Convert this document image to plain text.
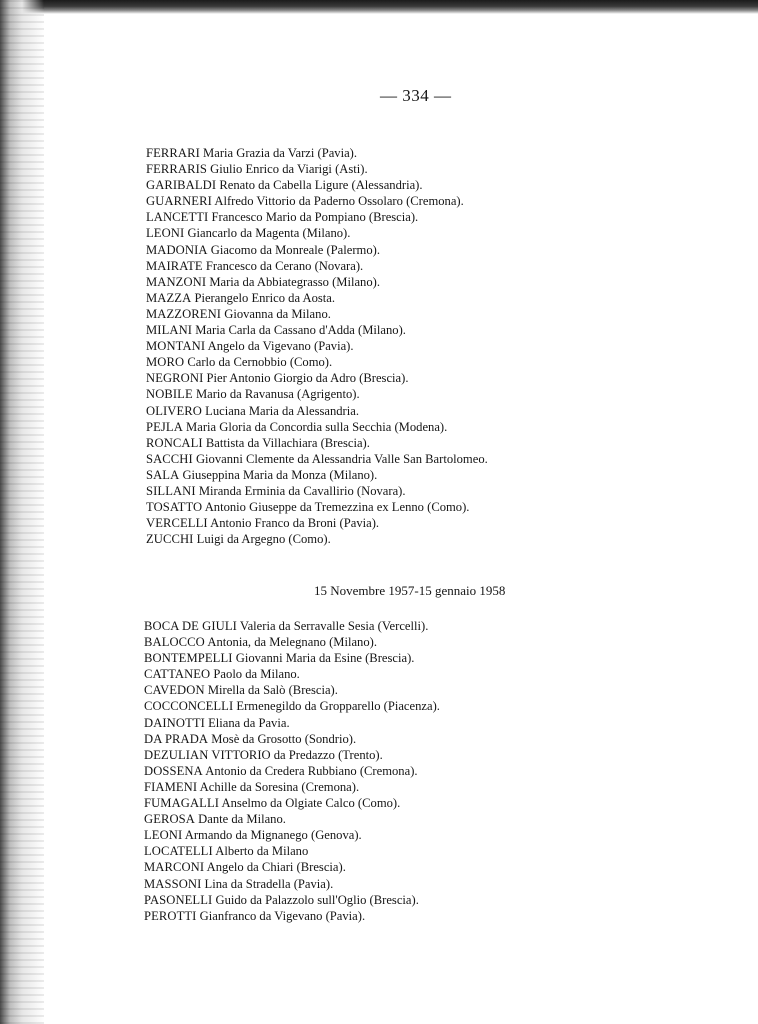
— 334 —

FERRARI Maria Grazia da Varzi (Pavia).
FERRARIS Giulio Enrico da Viarigi (Asti).
GARIBALDI Renato da Cabella Ligure (Alessandria).
GUARNERI Alfredo Vittorio da Paderno Ossolaro (Cremona).
LANCETTI Francesco Mario da Pompiano (Brescia).
LEONI Giancarlo da Magenta (Milano).
MADONIA Giacomo da Monreale (Palermo).
MAIRATE Francesco da Cerano (Novara).
MANZONI Maria da Abbiategrasso (Milano).
MAZZA Pierangelo Enrico da Aosta.
MAZZORENI Giovanna da Milano.
MILANI Maria Carla da Cassano d'Adda (Milano).
MONTANI Angelo da Vigevano (Pavia).
MORO Carlo da Cernobbio (Como).
NEGRONI Pier Antonio Giorgio da Adro (Brescia).
NOBILE Mario da Ravanusa (Agrigento).
OLIVERO Luciana Maria da Alessandria.
PEJLA Maria Gloria da Concordia sulla Secchia (Modena).
RONCALI Battista da Villachiara (Brescia).
SACCHI Giovanni Clemente da Alessandria Valle San Bartolomeo.
SALA Giuseppina Maria da Monza (Milano).
SILLANI Miranda Erminia da Cavallirio (Novara).
TOSATTO Antonio Giuseppe da Tremezzina ex Lenno (Como).
VERCELLI Antonio Franco da Broni (Pavia).
ZUCCHI Luigi da Argegno (Como).
15 Novembre 1957-15 gennaio 1958
BOCA DE GIULI Valeria da Serravalle Sesia (Vercelli).
BALOCCO Antonia, da Melegnano (Milano).
BONTEMPELLI Giovanni Maria da Esine (Brescia).
CATTANEO Paolo da Milano.
CAVEDON Mirella da Salò (Brescia).
COCCONCELLI Ermenegildo da Gropparello (Piacenza).
DAINOTTI Eliana da Pavia.
DA PRADA Mosè da Grosotto (Sondrio).
DEZULIAN VITTORIO da Predazzo (Trento).
DOSSENA Antonio da Credera Rubbiano (Cremona).
FIAMENI Achille da Soresina (Cremona).
FUMAGALLI Anselmo da Olgiate Calco (Como).
GEROSA Dante da Milano.
LEONI Armando da Mignanego (Genova).
LOCATELLI Alberto da Milano
MARCONI Angelo da Chiari (Brescia).
MASSONI Lina da Stradella (Pavia).
PASONELLI Guido da Palazzolo sull'Oglio (Brescia).
PEROTTI Gianfranco da Vigevano (Pavia).
